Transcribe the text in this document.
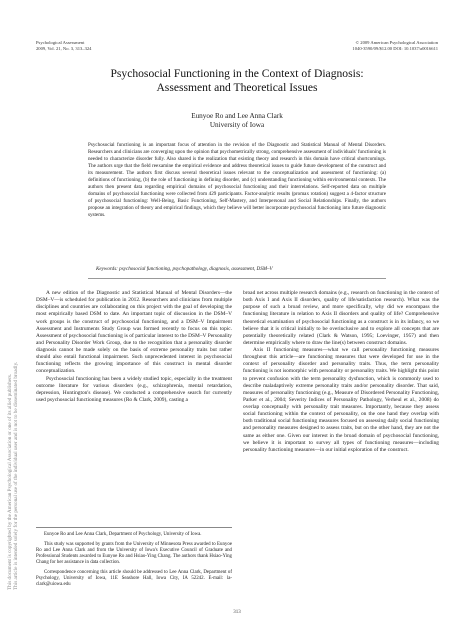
Psychological Assessment
2009, Vol. 21, No. 3, 313–324
© 2009 American Psychological Association
1040-3590/09/$12.00 DOI: 10.1037/a0016611
Psychosocial Functioning in the Context of Diagnosis:
Assessment and Theoretical Issues
Eunyoe Ro and Lee Anna Clark
University of Iowa
Psychosocial functioning is an important focus of attention in the revision of the Diagnostic and Statistical Manual of Mental Disorders. Researchers and clinicians are converging upon the opinion that psychometrically strong, comprehensive assessment of individuals' functioning is needed to characterize disorder fully. Also shared is the realization that existing theory and research in this domain have critical shortcomings. The authors urge that the field reexamine the empirical evidence and address theoretical issues to guide future development of the construct and its measurement. The authors first discuss several theoretical issues relevant to the conceptualization and assessment of functioning: (a) definitions of functioning, (b) the role of functioning in defining disorder, and (c) understanding functioning within environmental contexts. The authors then present data regarding empirical domains of psychosocial functioning and their interrelations. Self-reported data on multiple domains of psychosocial functioning were collected from 429 participants. Factor-analytic results (promax rotation) suggest a 4-factor structure of psychosocial functioning: Well-Being, Basic Functioning, Self-Mastery, and Interpersonal and Social Relationships. Finally, the authors propose an integration of theory and empirical findings, which they believe will better incorporate psychosocial functioning into future diagnostic systems.
Keywords: psychosocial functioning, psychopathology, diagnosis, assessment, DSM–V

A new edition of the Diagnostic and Statistical Manual of Mental Disorders—the DSM–V—is scheduled for publication in 2012. Researchers and clinicians from multiple disciplines and countries are collaborating on this project with the goal of developing the most empirically based DSM to date. An important topic of discussion in the DSM–V work groups is the construct of psychosocial functioning, and a DSM–V Impairment Assessment and Instruments Study Group was formed recently to focus on this topic. Assessment of psychosocial functioning is of particular interest to the DSM–V Personality and Personality Disorder Work Group, due to the recognition that a personality disorder diagnosis cannot be made solely on the basis of extreme personality traits but rather should also entail functional impairment. Such unprecedented interest in psychosocial functioning reflects the growing importance of this construct in mental disorder conceptualization.

Psychosocial functioning has been a widely studied topic, especially in the treatment outcome literature for various disorders (e.g., schizophrenia, mental retardation, depression, Huntington's disease). We conducted a comprehensive search for currently used psychosocial functioning measures (Ro & Clark, 2009), casting a

broad net across multiple research domains (e.g., research on functioning in the context of both Axis I and Axis II disorders, quality of life/satisfaction research). What was the purpose of such a broad review, and more specifically, why did we encompass the functioning literature in relation to Axis II disorders and quality of life? Comprehensive theoretical examination of psychosocial functioning as a construct is in its infancy, so we believe that it is critical initially to be overinclusive and to explore all concepts that are potentially theoretically related (Clark & Watson, 1995; Loevinger, 1957) and then determine empirically where to draw the line(s) between construct domains.

Axis II functioning measures—what we call personality functioning measures throughout this article—are functioning measures that were developed for use in the context of personality disorder and personality traits. Thus, the term personality functioning is not isomorphic with personality or personality traits. We highlight this point to prevent confusion with the term personality dysfunction, which is commonly used to describe maladaptively extreme personality traits and/or personality disorder. That said, measures of personality functioning (e.g., Measure of Disordered Personality Functioning, Parker et al., 2004; Severity Indices of Personality Pathology, Verheul et al., 2008) do overlap conceptually with personality trait measures. Importantly, because they assess social functioning within the context of personality, on the one hand they overlap with both traditional social functioning measures focused on assessing daily social functioning and personality measures designed to assess traits, but on the other hand, they are not the same as either one. Given our interest in the broad domain of psychosocial functioning, we believe it is important to survey all types of functioning measures—including personality functioning measures—in our initial exploration of the construct.

Eunyoe Ro and Lee Anna Clark, Department of Psychology, University of Iowa.

This study was supported by grants from the University of Minnesota Press awarded to Eunyoe Ro and Lee Anna Clark and from the University of Iowa's Executive Council of Graduate and Professional Students awarded to Eunyoe Ro and Hsiao-Ying Chang. The authors thank Hsiao-Ying Chang for her assistance in data collection.

Correspondence concerning this article should be addressed to Lee Anna Clark, Department of Psychology, University of Iowa, 11E Seashore Hall, Iowa City, IA 52242. E-mail: la-clark@uiowa.edu

313
This document is copyrighted by the American Psychological Association or one of its allied publishers. This article is intended solely for the personal use of the individual user and is not to be disseminated broadly.
